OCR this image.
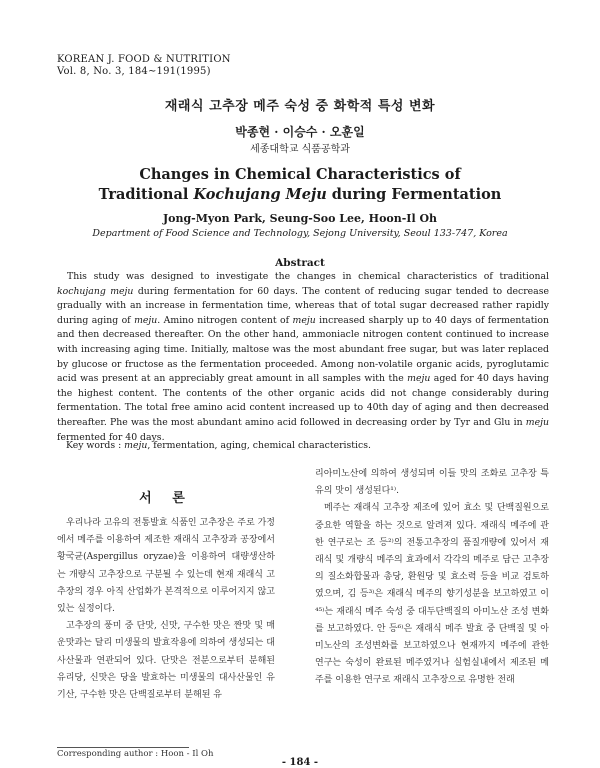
KOREAN J. FOOD & NUTRITION
Vol. 8, No. 3, 184∼191(1995)
재래식 고추장 메주 숙성 중 화학적 특성 변화
박종현 · 이승수 · 오훈일
세종대학교 식품공학과
Changes in Chemical Characteristics of
Traditional Kochujang Meju during Fermentation
Jong-Myon Park, Seung-Soo Lee, Hoon-Il Oh
Department of Food Science and Technology, Sejong University, Seoul 133-747, Korea
Abstract

This study was designed to investigate the changes in chemical characteristics of traditional kochujang meju during fermentation for 60 days. The content of reducing sugar tended to decrease gradually with an increase in fermentation time, whereas that of total sugar decreased rather rapidly during aging of meju. Amino nitrogen content of meju increased sharply up to 40 days of fermentation and then decreased thereafter. On the other hand, ammoniacle nitrogen content continued to increase with increasing aging time. Initially, maltose was the most abundant free sugar, but was later replaced by glucose or fructose as the fermentation proceeded. Among non-volatile organic acids, pyroglutamic acid was present at an appreciably great amount in all samples with the meju aged for 40 days having the highest content. The contents of the other organic acids did not change considerably during fermentation. The total free amino acid content increased up to 40th day of aging and then decreased thereafter. Phe was the most abundant amino acid followed in decreasing order by Tyr and Glu in meju fermented for 40 days.

Key words : meju, fermentation, aging, chemical characteristics.
서 론

우리나라 고유의 전통발효 식품인 고추장은 주로 가정에서 메주를 이용하여 제조한 재래식 고추장과 공장에서 황국균(Aspergillus oryzae)을 이용하여 대량생산하는 개량식 고추장으로 구분될 수 있는데 현재 재래식 고추장의 경우 아직 산업화가 본격적으로 이루어지지 않고 있는 실정이다.

고추장의 풍미 중 단맛, 신맛, 구수한 맛은 짠맛 및 매운맛과는 달리 미생물의 발효작용에 의하여 생성되는 대사산물과 연관되어 있다. 단맛은 전분으로부터 분해된 유리당, 신맛은 당을 발효하는 미생물의 대사산물인 유기산, 구수한 맛은 단백질로부터 분해된 유

리아미노산에 의하여 생성되며 이들 맛의 조화로 고추장 특유의 맛이 생성된다¹⁾.

메주는 재래식 고추장 제조에 있어 효소 및 단백질원으로 중요한 역할을 하는 것으로 알려져 있다. 재래식 메주에 관한 연구로는 조 등²⁾의 전통고추장의 품질개량에 있어서 재래식 및 개량식 메주의 효과에서 각각의 메주로 담근 고추장의 질소화합물과 총당, 환원당 및 효소력 등을 비교 검토하였으며, 김 등³⁾은 재래식 메주의 향기성분을 보고하였고 이⁴⁵⁾는 재래식 메주 숙성 중 대두단백질의 아미노산 조성 변화를 보고하였다. 안 등⁶⁾은 재래식 메주 발효 중 단백질 및 아미노산의 조성변화를 보고하였으나 현재까지 메주에 관한 연구는 숙성이 완료된 메주였거나 실험실내에서 제조된 메주를 이용한 연구로 재래식 고추장으로 유명한 전래

Corresponding author : Hoon - Il Oh
- 184 -
